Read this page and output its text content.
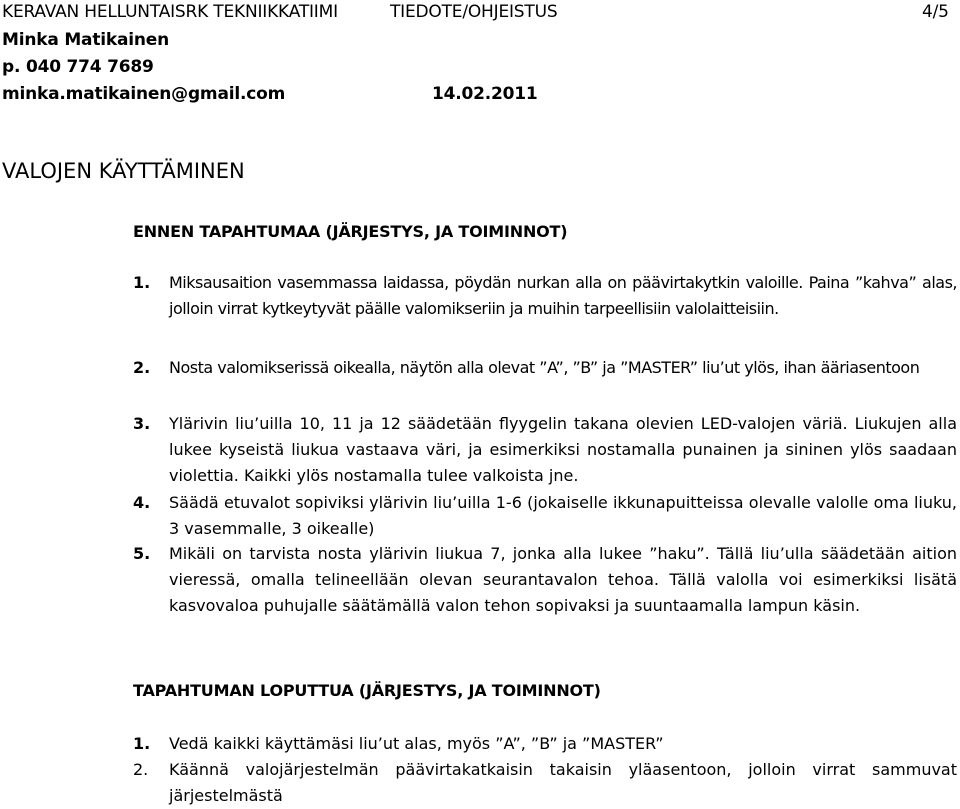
KERAVAN HELLUNTAISRK TEKNIIKKATIIMI	TIEDOTE/OHJEISTUS	4/5
Minka Matikainen
p. 040 774 7689
minka.matikainen@gmail.com	14.02.2011
VALOJEN KÄYTTÄMINEN
ENNEN TAPAHTUMAA (JÄRJESTYS, JA TOIMINNOT)
1. Miksausaition vasemmassa laidassa, pöydän nurkan alla on päävirtakytkin valoille. Paina ”kahva” alas, jolloin virrat kytkeytyvät päälle valomikseriin ja muihin tarpeellisiin valolaitteisiin.
2. Nosta valomikserissä oikealla, näytön alla olevat ”A”, ”B” ja ”MASTER” liu’ut ylös, ihan ääriasentoon
3. Ylärivin liu’uilla 10, 11 ja 12 säädetään flyygelin takana olevien LED-valojen väriä. Liukujen alla lukee kyseistä liukua vastaava väri, ja esimerkiksi nostamalla punainen ja sininen ylös saadaan violettia. Kaikki ylös nostamalla tulee valkoista jne.
4. Säädä etuvalot sopiviksi ylärivin liu’uilla 1-6 (jokaiselle ikkunapuitteissa olevalle valolle oma liuku, 3 vasemmalle, 3 oikealle)
5. Mikäli on tarvista nosta ylärivin liukua 7, jonka alla lukee ”haku”. Tällä liu’ulla säädetään aition vieressä, omalla telineellään olevan seurantavalon tehoa. Tällä valolla voi esimerkiksi lisätä kasvovaloa puhujalle säätämällä valon tehon sopivaksi ja suuntaamalla lampun käsin.
TAPAHTUMAN LOPUTTUA (JÄRJESTYS, JA TOIMINNOT)
1. Vedä kaikki käyttämäsi liu’ut alas, myös ”A”, ”B” ja ”MASTER”
2. Käännä valojärjestelmän päävirtakatkaisin takaisin yläasentoon, jolloin virrat sammuvat järjestelmästä
